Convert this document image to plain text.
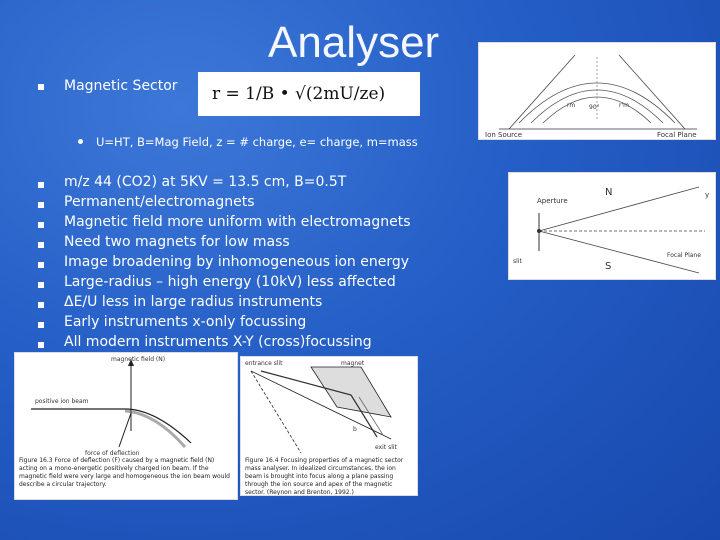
Analyser
Magnetic Sector	r = 1/B • √(2mU/ze)
U=HT, B=Mag Field, z = # charge, e= charge, m=mass
m/z 44 (CO2) at 5KV = 13.5 cm, B=0.5T
Permanent/electromagnets
Magnetic field more uniform with electromagnets
Need two magnets for low mass
Image broadening by inhomogeneous ion energy
Large-radius – high energy (10kV) less affected
ΔE/U less in large radius instruments
Early instruments x-only focussing
All modern instruments X-Y (cross)focussing
Ion Source	Focal Plane
rm 90°	r'm
Aperture
N
S
y
slit
Focal Plane
magnetic field (N)
positive ion beam
force of deflection
Figure 16.3 Force of deflection (F) caused by a magnetic field (N) acting on a mono-energetic positively charged ion beam. If the magnetic field were very large and homogeneous the ion beam would describe a circular trajectory.
entrance slit	magnet
exit slit
b
Figure 16.4 Focusing properties of a magnetic sector mass analyser. In idealized circumstances, the ion beam is brought into focus along a plane passing through the ion source and apex of the magnetic sector. (Reynon and Brenton, 1992.)
